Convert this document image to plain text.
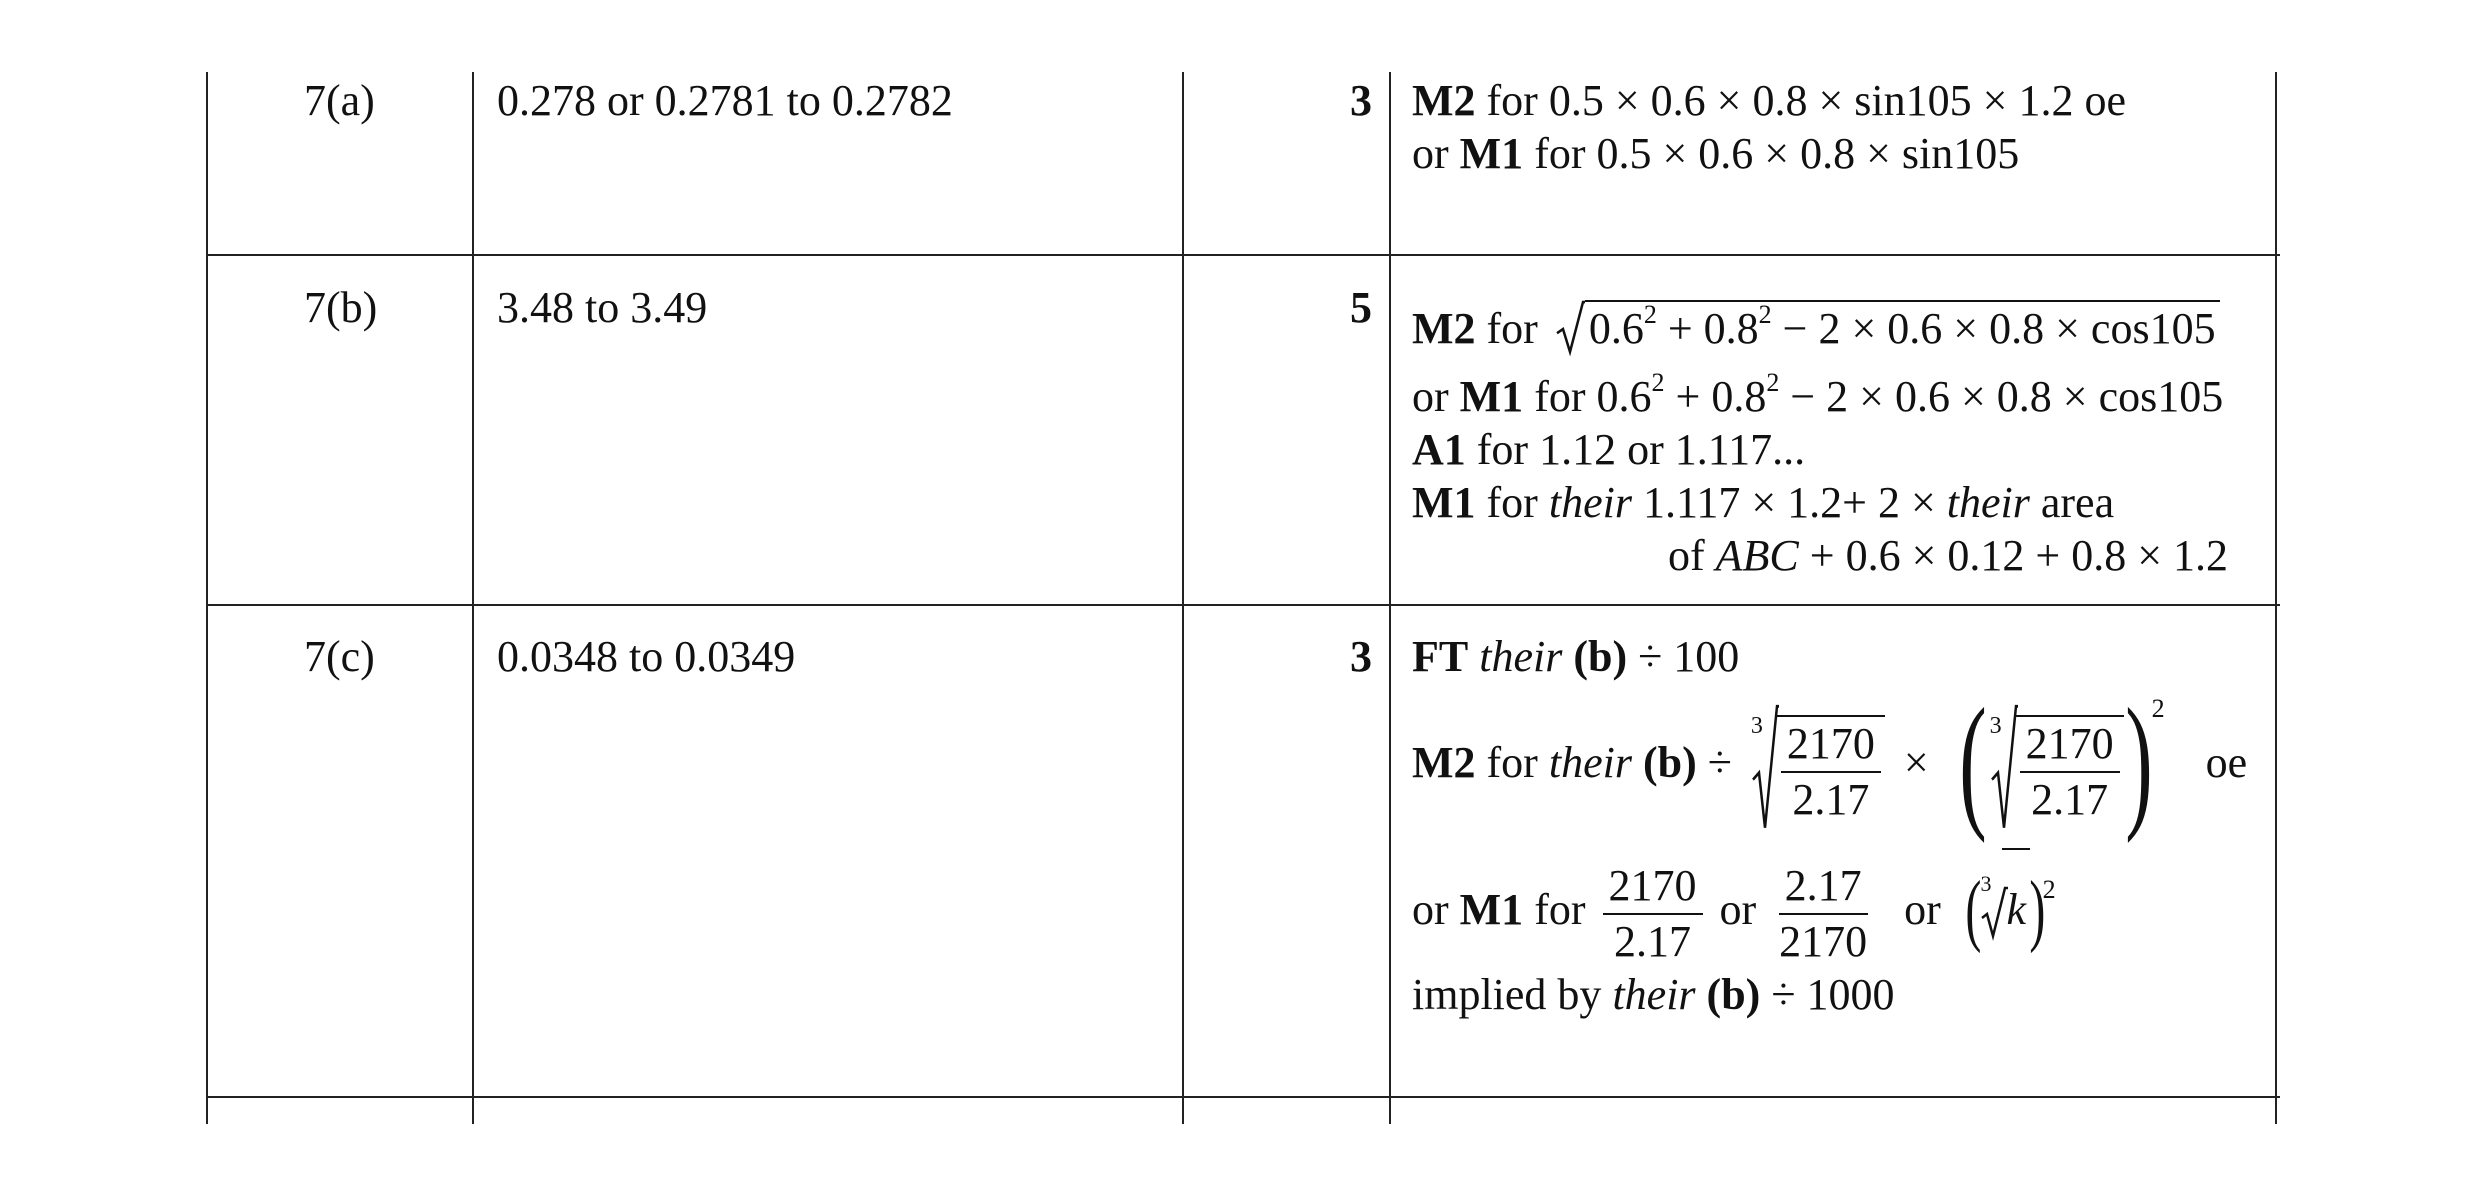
7(a)	0.278 or 0.2781 to 0.2782	3 M2 for 0.5 × 0.6 × 0.8 × sin105 × 1.2 oe
or M1 for 0.5 × 0.6 × 0.8 × sin105
7(b)	3.48 to 3.49	5 M2 for
$0.6^2 + 0.8^2 - 2 \times 0.6 \times 0.8 \times \cos 105$
or M1 for $0.6^2 + 0.8^2 - 2 \times 0.6 \times 0.8 \times \cos 105$
A1 for 1.12 or 1.117...
M1 for their 1.117 × 1.2+ 2 × their area
of ABC + 0.6 × 0.12 + 0.8 × 1.2
7(c)	0.0348 to 0.0349	3 FT their (b) ÷ 100
M2 for their (b) ÷
$3 \frac{2170}{2.17}$ × ( $3 \frac{2170}{2.17} )^2$ oe
or M1 for $\frac{2170}{2.17}$ or $\frac{2.17}{2170}$ or ( 3
k)$^2$
implied by their (b) ÷ 1000
